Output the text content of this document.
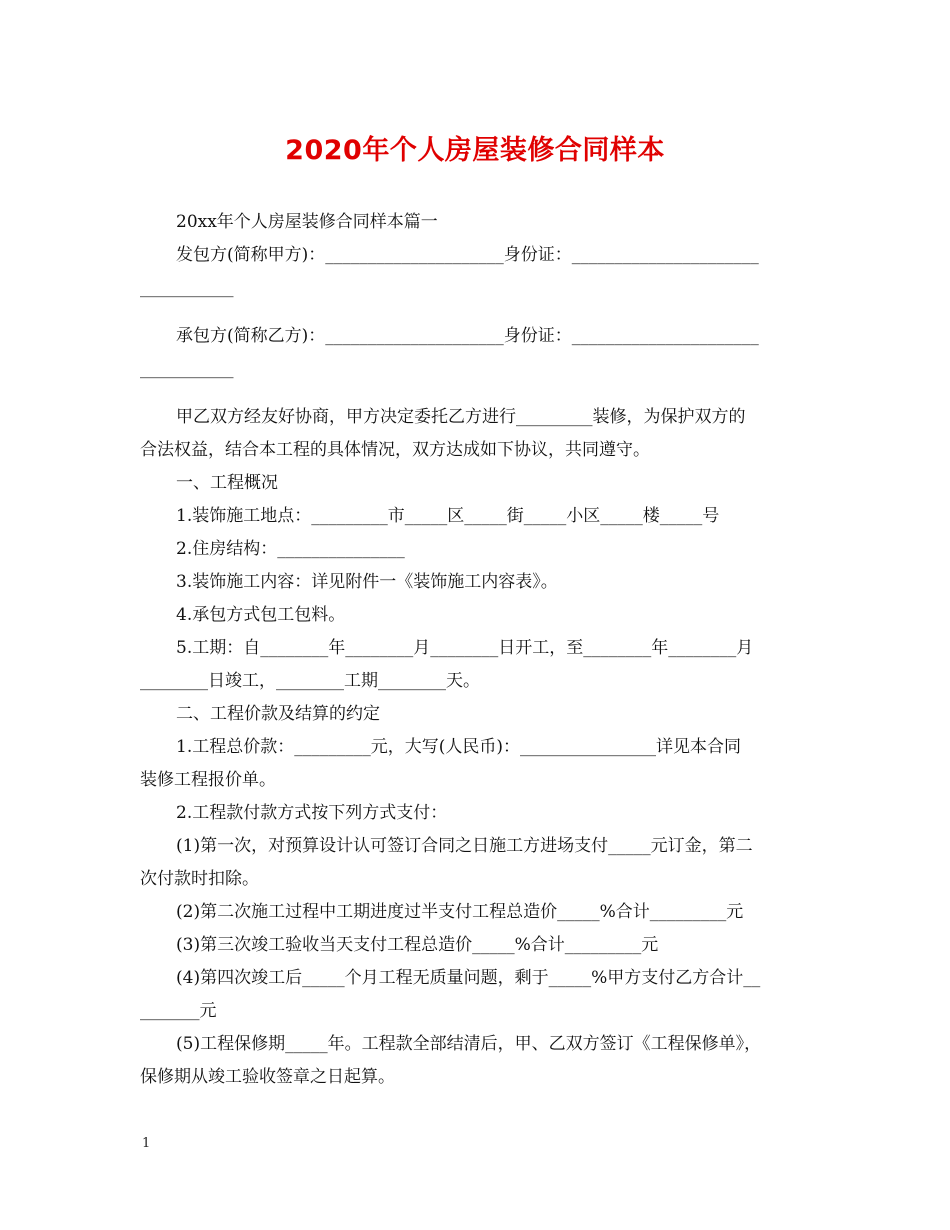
2020年个人房屋装修合同样本
20xx年个人房屋装修合同样本篇一
发包方(简称甲方)：_____________________身份证：______________________
___________
承包方(简称乙方)：_____________________身份证：______________________
___________
甲乙双方经友好协商，甲方决定委托乙方进行_________装修，为保护双方的
合法权益，结合本工程的具体情况，双方达成如下协议，共同遵守。
一、工程概况
1.装饰施工地点：_________市_____区_____街_____小区_____楼_____号
2.住房结构：_______________
3.装饰施工内容：详见附件一《装饰施工内容表》。
4.承包方式包工包料。
5.工期：自________年________月________日开工，至________年________月
________日竣工，________工期________天。
二、工程价款及结算的约定
1.工程总价款：_________元，大写(人民币)：________________详见本合同
装修工程报价单。
2.工程款付款方式按下列方式支付：
(1)第一次，对预算设计认可签订合同之日施工方进场支付_____元订金，第二
次付款时扣除。
(2)第二次施工过程中工期进度过半支付工程总造价_____%合计_________元
(3)第三次竣工验收当天支付工程总造价_____%合计_________元
(4)第四次竣工后_____个月工程无质量问题，剩于_____%甲方支付乙方合计__
_______元
(5)工程保修期_____年。工程款全部结清后，甲、乙双方签订《工程保修单》，
保修期从竣工验收签章之日起算。
1
